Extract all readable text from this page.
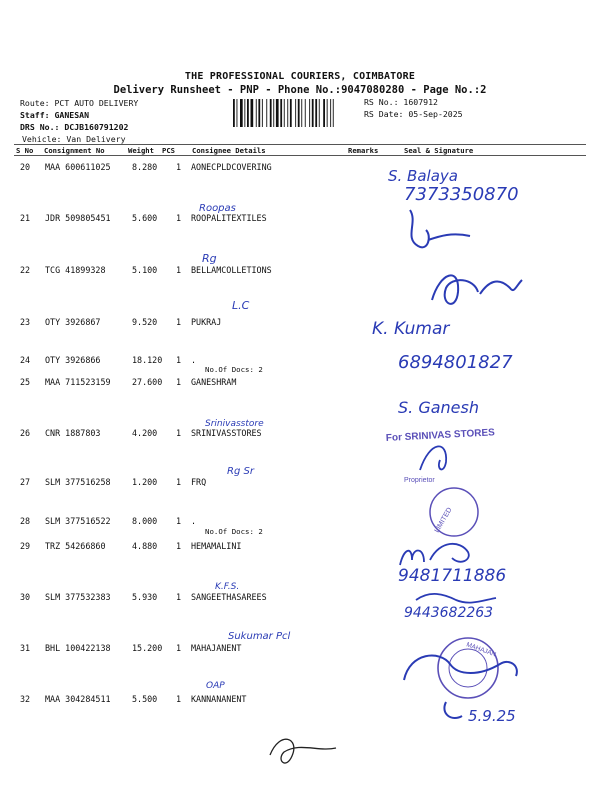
THE PROFESSIONAL COURIERS, COIMBATORE
Delivery Runsheet - PNP - Phone No.:9047080280 - Page No.:2
Route: PCT AUTO DELIVERY
Staff: GANESAN
DRS No.: DCJB160791202
Vehicle: Van Delivery
RS No.: 1607912
RS Date: 05-Sep-2025
S No Consignment No	Weight PCS Consignee Details	Remarks	Seal & Signature
20 MAA 600611025	8.280 1 AONECPLDCOVERING
21 JDR 509805451	5.600 1 ROOPALITEXTILES
22 TCG 41899328	5.100 1 BELLAMCOLLETIONS
23 OTY 3926867	9.520 1 PUKRAJ
24 OTY 3926866	18.120 1 .
No.Of Docs: 2
25 MAA 711523159	27.600 1 GANESHRAM
26 CNR 1887803	4.200 1 SRINIVASSTORES
27 SLM 377516258	1.200 1 FRQ
28 SLM 377516522	8.000 1 .
No.Of Docs: 2
29 TRZ 54266860	4.880 1 HEMAMALINI
30 SLM 377532383	5.930 1 SANGEETHASAREES
31 BHL 100422138	15.200 1 MAHAJANENT
32 MAA 304284511	5.500 1 KANNANANENT
S. Balaya
7373350870
Roopas
Rg
L.C
K. Kumar
6894801827
S. Ganesh
Srinivasstore
For SRINIVAS STORES
Proprietor
Rg Sr
LIMITED
9481711886
K.F.S.
9443682263
Sukumar Pcl
MAHAJAN
OAP
5.9.25
